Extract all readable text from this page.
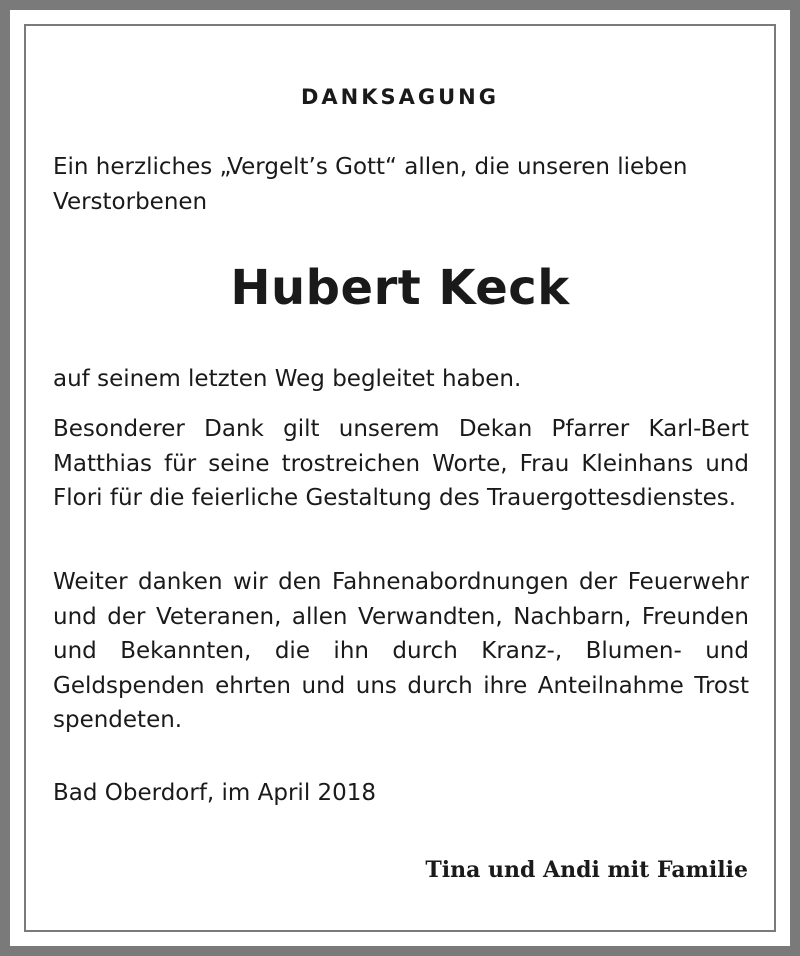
DANKSAGUNG
Ein herzliches „Vergelt’s Gott“ allen, die unseren lieben Verstorbenen
Hubert Keck
auf seinem letzten Weg begleitet haben.
Besonderer Dank gilt unserem Dekan Pfarrer Karl-Bert Matthias für seine trostreichen Worte, Frau Kleinhans und Flori für die feierliche Gestaltung des Trauergottesdienstes.
Weiter danken wir den Fahnenabordnungen der Feuerwehr und der Veteranen, allen Verwandten, Nachbarn, Freunden und Bekannten, die ihn durch Kranz-, Blumen- und Geldspenden ehrten und uns durch ihre Anteilnahme Trost spendeten.
Bad Oberdorf, im April 2018
Tina und Andi mit Familie
